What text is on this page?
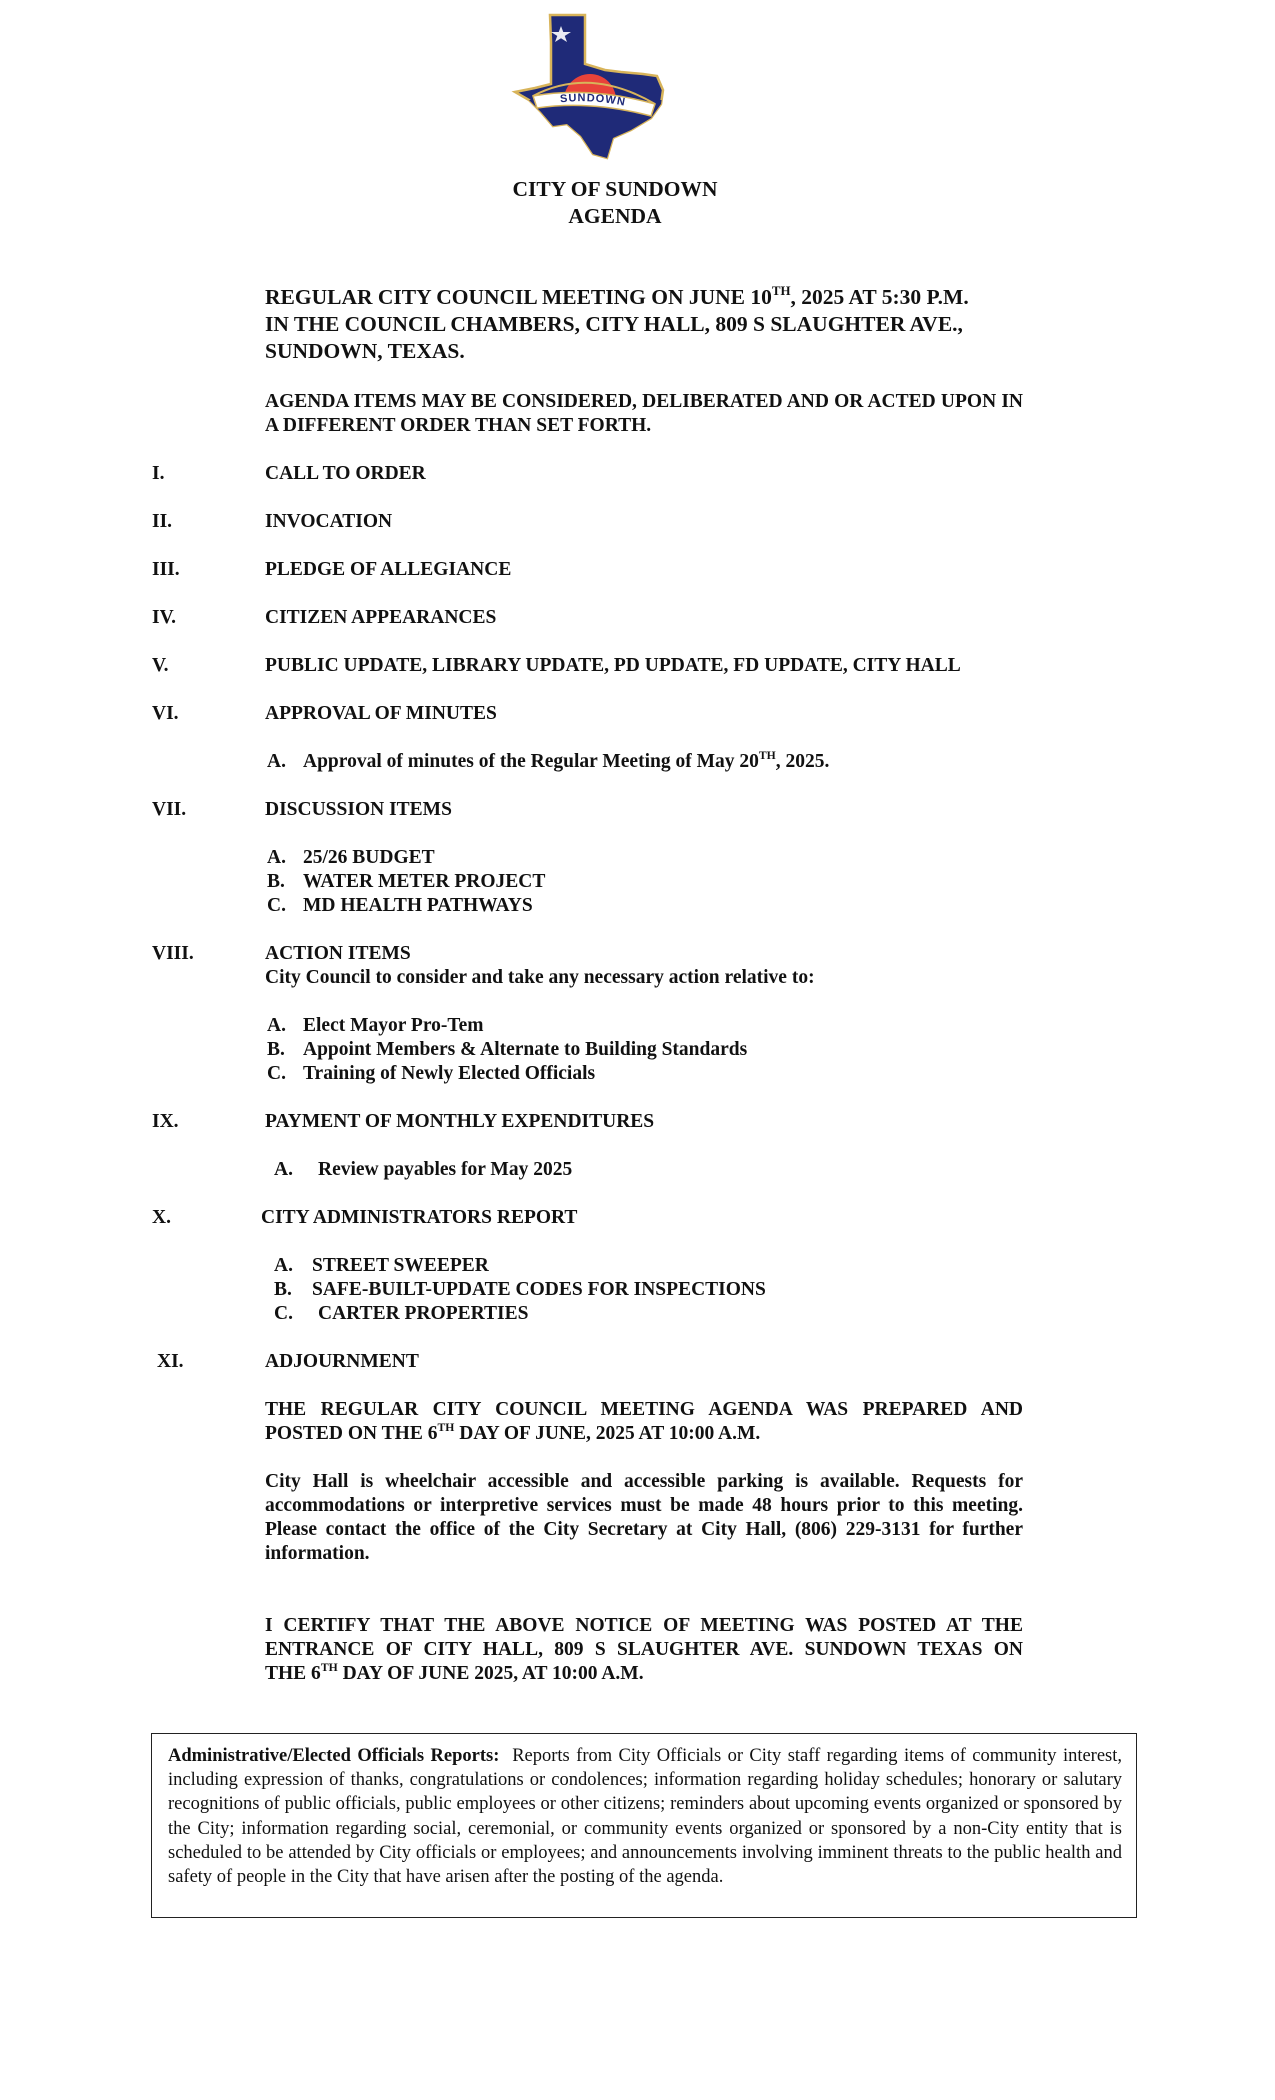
SUNDOWN
CITY OF SUNDOWN
AGENDA
REGULAR CITY COUNCIL MEETING ON JUNE 10TH, 2025 AT 5:30 P.M.
IN THE COUNCIL CHAMBERS, CITY HALL, 809 S SLAUGHTER AVE.,
SUNDOWN, TEXAS.
AGENDA ITEMS MAY BE CONSIDERED, DELIBERATED AND OR ACTED UPON IN A DIFFERENT ORDER THAN SET FORTH.
I.	CALL TO ORDER
II.	INVOCATION
III.	PLEDGE OF ALLEGIANCE
IV.	CITIZEN APPEARANCES
V.	PUBLIC UPDATE, LIBRARY UPDATE, PD UPDATE, FD UPDATE, CITY HALL
VI.	APPROVAL OF MINUTES
A. Approval of minutes of the Regular Meeting of May 20TH, 2025.
VII.	DISCUSSION ITEMS
A. 25/26 BUDGET
B. WATER METER PROJECT
C. MD HEALTH PATHWAYS
VIII.	ACTION ITEMS
City Council to consider and take any necessary action relative to:
A. Elect Mayor Pro-Tem
B. Appoint Members & Alternate to Building Standards
C. Training of Newly Elected Officials
IX.	PAYMENT OF MONTHLY EXPENDITURES
A. Review payables for May 2025
X.	CITY ADMINISTRATORS REPORT
A. STREET SWEEPER
B. SAFE-BUILT-UPDATE CODES FOR INSPECTIONS
C. CARTER PROPERTIES
XI.	ADJOURNMENT
THE REGULAR CITY COUNCIL MEETING AGENDA WAS PREPARED AND
POSTED ON THE 6TH DAY OF JUNE, 2025 AT 10:00 A.M.
City Hall is wheelchair accessible and accessible parking is available. Requests for accommodations or interpretive services must be made 48 hours prior to this meeting. Please contact the office of the City Secretary at City Hall, (806) 229-3131 for further information.
I CERTIFY THAT THE ABOVE NOTICE OF MEETING WAS POSTED AT THE
ENTRANCE OF CITY HALL, 809 S SLAUGHTER AVE. SUNDOWN TEXAS ON
THE 6TH DAY OF JUNE 2025, AT 10:00 A.M.
Administrative/Elected Officials Reports: Reports from City Officials or City staff regarding items of community interest, including expression of thanks, congratulations or condolences; information regarding holiday schedules; honorary or salutary recognitions of public officials, public employees or other citizens; reminders about upcoming events organized or sponsored by the City; information regarding social, ceremonial, or community events organized or sponsored by a non-City entity that is scheduled to be attended by City officials or employees; and announcements involving imminent threats to the public health and safety of people in the City that have arisen after the posting of the agenda.
